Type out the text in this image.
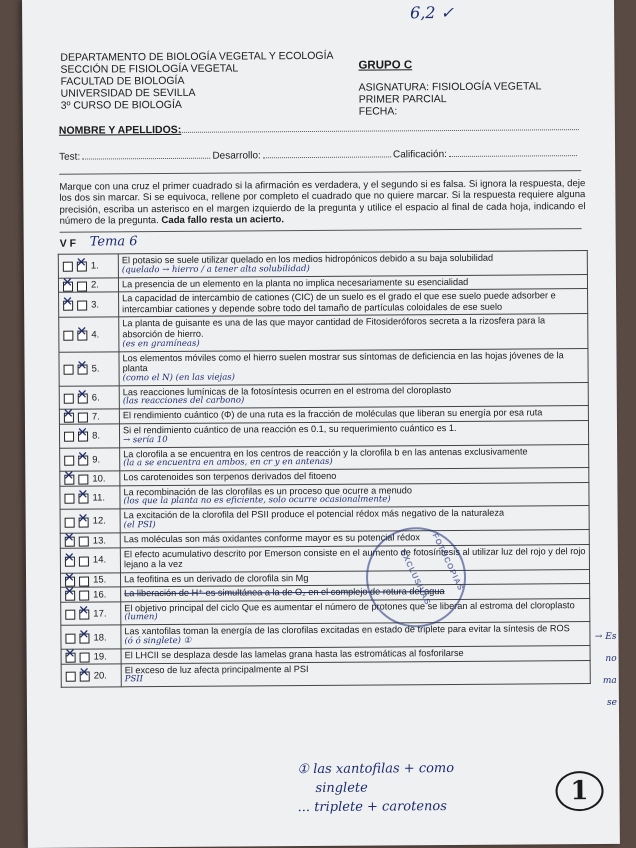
6,2 ✓
DEPARTAMENTO DE BIOLOGÍA VEGETAL Y ECOLOGÍA
SECCIÓN DE FISIOLOGÍA VEGETAL
FACULTAD DE BIOLOGÍA
UNIVERSIDAD DE SEVILLA
3º CURSO DE BIOLOGÍA
GRUPO C
ASIGNATURA: FISIOLOGÍA VEGETAL
PRIMER PARCIAL
FECHA:
NOMBRE Y APELLIDOS:
Test:	Desarrollo:	Calificación:
Marque con una cruz el primer cuadrado si la afirmación es verdadera, y el segundo si es falsa. Si ignora la respuesta, deje los dos sin marcar. Si se equivoca, rellene por completo el cuadrado que no quiere marcar. Si la respuesta requiere alguna precisión, escriba un asterisco en el margen izquierdo de la pregunta y utilice el espacio al final de cada hoja, indicando el número de la pregunta. Cada fallo resta un acierto.
V F Tema 6
✕1.	El potasio se suele utilizar quelado en los medios hidropónicos debido a su baja solubilidad
(quelado → hierro / a tener alta solubilidad)

✕2.	La presencia de un elemento en la planta no implica necesariamente su esencialidad
✕3.	La capacidad de intercambio de cationes (CIC) de un suelo es el grado el que ese suelo puede adsorber e intercambiar cationes y depende sobre todo del tamaño de partículas coloidales de ese suelo
✕4.	La planta de guisante es una de las que mayor cantidad de Fitosideróforos secreta a la rizosfera para la absorción de hierro.
(es en gramíneas)

✕5.	Los elementos móviles como el hierro suelen mostrar sus síntomas de deficiencia en las hojas jóvenes de la planta
(como el N) (en las viejas)

✕6.	Las reacciones lumínicas de la fotosíntesis ocurren en el estroma del cloroplasto
(las reacciones del carbono)

✕7.	El rendimiento cuántico (Φ) de una ruta es la fracción de moléculas que liberan su energía por esa ruta
✕8.	Si el rendimiento cuántico de una reacción es 0.1, su requerimiento cuántico es 1.
→ sería 10

✕9.	La clorofila a se encuentra en los centros de reacción y la clorofila b en las antenas exclusivamente
(la a se encuentra en ambos, en cr y en antenas)

✕10.	Los carotenoides son terpenos derivados del fitoeno
✕11.	La recombinación de las clorofilas es un proceso que ocurre a menudo
(los que la planta no es eficiente, solo ocurre ocasionalmente)

✕12.	La excitación de la clorofila del PSII produce el potencial rédox más negativo de la naturaleza
(el PSI)

✕13.	Las moléculas son más oxidantes conforme mayor es su potencial rédox
✕14.	El efecto acumulativo descrito por Emerson consiste en el aumento de fotosíntesis al utilizar luz del rojo y del rojo lejano a la vez
✕15.	La feofitina es un derivado de clorofila sin Mg
✕16.	La liberación de H⁺ es simultánea a la de O₂ en el complejo de rotura del agua
✕17.	El objetivo principal del ciclo Que es aumentar el número de protones que se liberan al estroma del cloroplasto
(lumen)

✕18.	Las xantofilas toman la energía de las clorofilas excitadas en estado de triplete para evitar la síntesis de ROS
(ó ó singlete) ①

✕19.	El LHCII se desplaza desde las lamelas grana hasta las estromáticas al fosforilarse
✕20.	El exceso de luz afecta principalmente al PSI
PSII
FOTOCOPIAS
EXCLUSIVAS
→ Es
no
ma
se
① las xantofilas + como
singlete
... triplete + carotenos
1
